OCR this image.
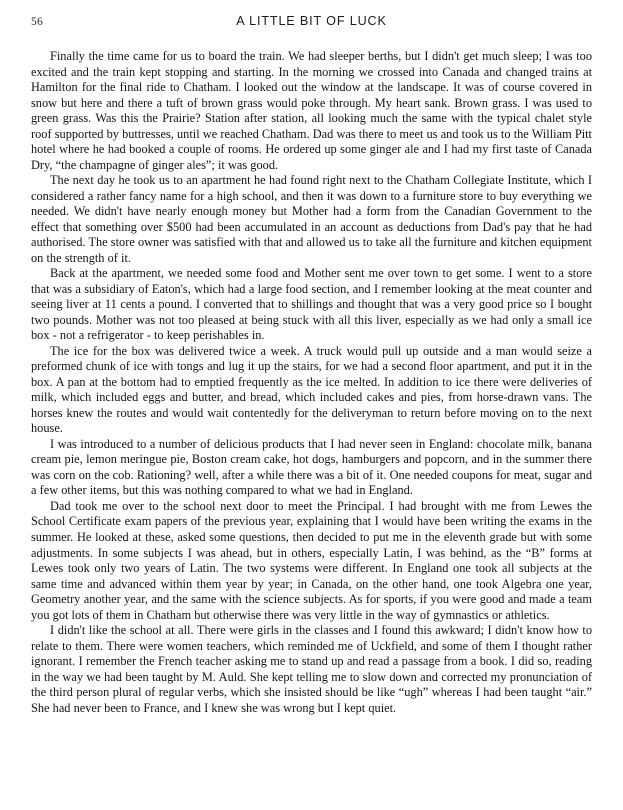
56	A LITTLE BIT OF LUCK

Finally the time came for us to board the train. We had sleeper berths, but I didn't get much sleep; I was too excited and the train kept stopping and starting. In the morning we crossed into Canada and changed trains at Hamilton for the final ride to Chatham. I looked out the window at the landscape. It was of course covered in snow but here and there a tuft of brown grass would poke through. My heart sank. Brown grass. I was used to green grass. Was this the Prairie? Station after station, all looking much the same with the typical chalet style roof supported by buttresses, until we reached Chatham. Dad was there to meet us and took us to the William Pitt hotel where he had booked a couple of rooms. He ordered up some ginger ale and I had my first taste of Canada Dry, “the champagne of ginger ales”; it was good.

The next day he took us to an apartment he had found right next to the Chatham Collegiate Institute, which I considered a rather fancy name for a high school, and then it was down to a furniture store to buy everything we needed. We didn't have nearly enough money but Mother had a form from the Canadian Government to the effect that something over $500 had been accumulated in an account as deductions from Dad's pay that he had authorised. The store owner was satisfied with that and allowed us to take all the furniture and kitchen equipment on the strength of it.

Back at the apartment, we needed some food and Mother sent me over town to get some. I went to a store that was a subsidiary of Eaton's, which had a large food section, and I remember looking at the meat counter and seeing liver at 11 cents a pound. I converted that to shillings and thought that was a very good price so I bought two pounds. Mother was not too pleased at being stuck with all this liver, especially as we had only a small ice box - not a refrigerator - to keep perishables in.

The ice for the box was delivered twice a week. A truck would pull up outside and a man would seize a preformed chunk of ice with tongs and lug it up the stairs, for we had a second floor apartment, and put it in the box. A pan at the bottom had to emptied frequently as the ice melted. In addition to ice there were deliveries of milk, which included eggs and butter, and bread, which included cakes and pies, from horse-drawn vans. The horses knew the routes and would wait contentedly for the deliveryman to return before moving on to the next house.

I was introduced to a number of delicious products that I had never seen in England: chocolate milk, banana cream pie, lemon meringue pie, Boston cream cake, hot dogs, hamburgers and popcorn, and in the summer there was corn on the cob. Rationing? well, after a while there was a bit of it. One needed coupons for meat, sugar and a few other items, but this was nothing compared to what we had in England.

Dad took me over to the school next door to meet the Principal. I had brought with me from Lewes the School Certificate exam papers of the previous year, explaining that I would have been writing the exams in the summer. He looked at these, asked some questions, then decided to put me in the eleventh grade but with some adjustments. In some subjects I was ahead, but in others, especially Latin, I was behind, as the “B” forms at Lewes took only two years of Latin. The two systems were different. In England one took all subjects at the same time and advanced within them year by year; in Canada, on the other hand, one took Algebra one year, Geometry another year, and the same with the science subjects. As for sports, if you were good and made a team you got lots of them in Chatham but otherwise there was very little in the way of gymnastics or athletics.

I didn't like the school at all. There were girls in the classes and I found this awkward; I didn't know how to relate to them. There were women teachers, which reminded me of Uckfield, and some of them I thought rather ignorant. I remember the French teacher asking me to stand up and read a passage from a book. I did so, reading in the way we had been taught by M. Auld. She kept telling me to slow down and corrected my pronunciation of the third person plural of regular verbs, which she insisted should be like “ugh” whereas I had been taught “air.” She had never been to France, and I knew she was wrong but I kept quiet.
